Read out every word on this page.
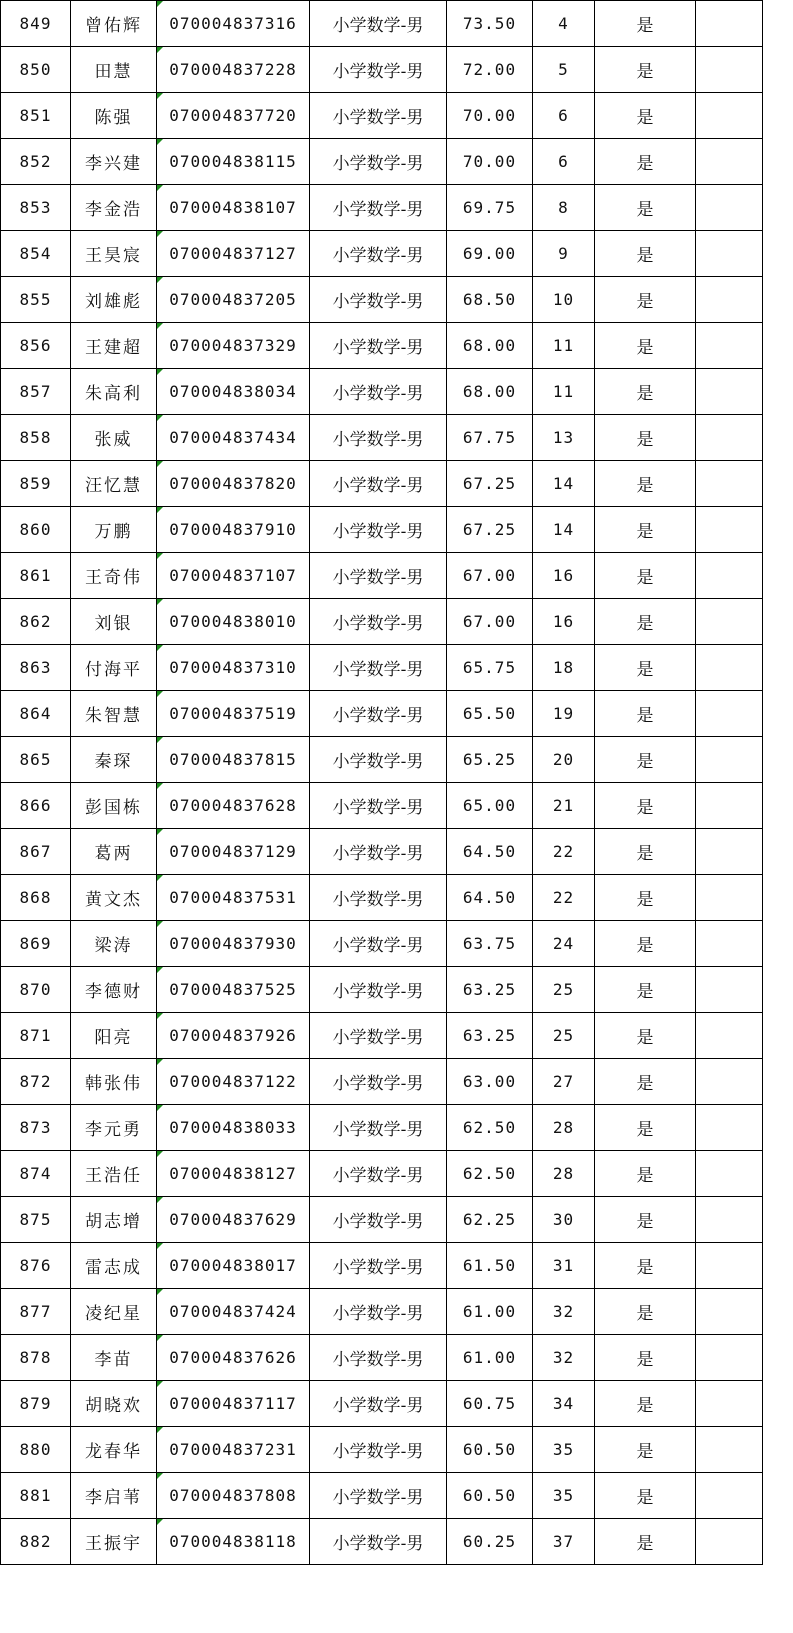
849	曾佑辉	070004837316	小学数学-男	73.50	4	是	
850	田慧	070004837228	小学数学-男	72.00	5	是	
851	陈强	070004837720	小学数学-男	70.00	6	是	
852	李兴建	070004838115	小学数学-男	70.00	6	是	
853	李金浩	070004838107	小学数学-男	69.75	8	是	
854	王昊宸	070004837127	小学数学-男	69.00	9	是	
855	刘雄彪	070004837205	小学数学-男	68.50	10	是	
856	王建超	070004837329	小学数学-男	68.00	11	是	
857	朱高利	070004838034	小学数学-男	68.00	11	是	
858	张威	070004837434	小学数学-男	67.75	13	是	
859	汪忆慧	070004837820	小学数学-男	67.25	14	是	
860	万鹏	070004837910	小学数学-男	67.25	14	是	
861	王奇伟	070004837107	小学数学-男	67.00	16	是	
862	刘银	070004838010	小学数学-男	67.00	16	是	
863	付海平	070004837310	小学数学-男	65.75	18	是	
864	朱智慧	070004837519	小学数学-男	65.50	19	是	
865	秦琛	070004837815	小学数学-男	65.25	20	是	
866	彭国栋	070004837628	小学数学-男	65.00	21	是	
867	葛两	070004837129	小学数学-男	64.50	22	是	
868	黄文杰	070004837531	小学数学-男	64.50	22	是	
869	梁涛	070004837930	小学数学-男	63.75	24	是	
870	李德财	070004837525	小学数学-男	63.25	25	是	
871	阳亮	070004837926	小学数学-男	63.25	25	是	
872	韩张伟	070004837122	小学数学-男	63.00	27	是	
873	李元勇	070004838033	小学数学-男	62.50	28	是	
874	王浩任	070004838127	小学数学-男	62.50	28	是	
875	胡志增	070004837629	小学数学-男	62.25	30	是	
876	雷志成	070004838017	小学数学-男	61.50	31	是	
877	凌纪星	070004837424	小学数学-男	61.00	32	是	
878	李苗	070004837626	小学数学-男	61.00	32	是	
879	胡晓欢	070004837117	小学数学-男	60.75	34	是	
880	龙春华	070004837231	小学数学-男	60.50	35	是	
881	李启苇	070004837808	小学数学-男	60.50	35	是	
882	王振宇	070004838118	小学数学-男	60.25	37	是	
